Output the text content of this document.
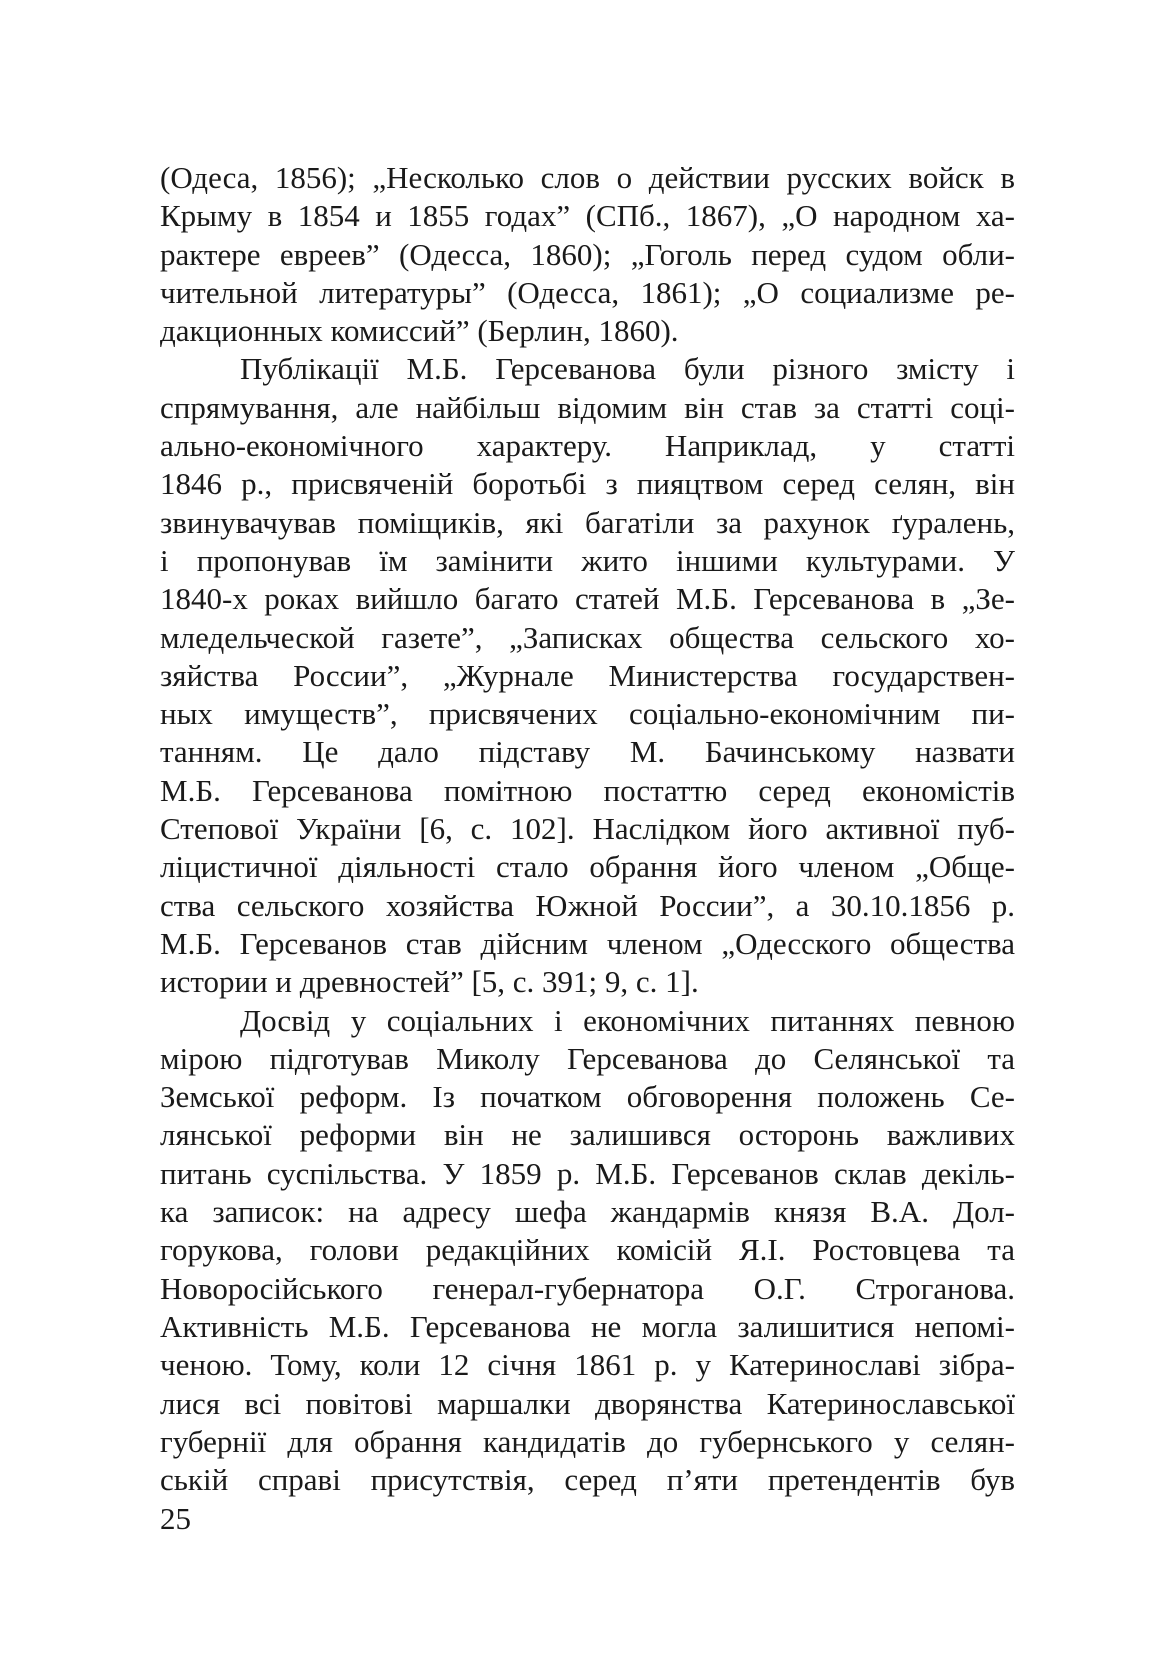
(Одеса, 1856); „Несколько слов о действии русских войск в
Крыму в 1854 и 1855 годах” (СПб., 1867), „О народном ха-
рактере евреев” (Одесса, 1860); „Гоголь перед судом обли-
чительной литературы” (Одесса, 1861); „О социализме ре-
дакционных комиссий” (Берлин, 1860).
Публікації М.Б. Герсеванова були різного змісту і
спрямування, але найбільш відомим він став за статті соці-
ально-економічного характеру. Наприклад, у статті
1846 р., присвяченій боротьбі з пияцтвом серед селян, він
звинувачував поміщиків, які багатіли за рахунок ґуралень,
і пропонував їм замінити жито іншими культурами. У
1840-х роках вийшло багато статей М.Б. Герсеванова в „Зе-
мледельческой газете”, „Записках общества сельского хо-
зяйства России”, „Журнале Министерства государствен-
ных имуществ”, присвячених соціально-економічним пи-
танням. Це дало підставу М. Бачинському назвати
М.Б. Герсеванова помітною постаттю серед економістів
Степової України [6, с. 102]. Наслідком його активної пуб-
ліцистичної діяльності стало обрання його членом „Обще-
ства сельского хозяйства Южной России”, а 30.10.1856 р.
М.Б. Герсеванов став дійсним членом „Одесского общества
истории и древностей” [5, с. 391; 9, с. 1].
Досвід у соціальних і економічних питаннях певною
мірою підготував Миколу Герсеванова до Селянської та
Земської реформ. Із початком обговорення положень Се-
лянської реформи він не залишився осторонь важливих
питань суспільства. У 1859 р. М.Б. Герсеванов склав декіль-
ка записок: на адресу шефа жандармів князя В.А. Дол-
горукова, голови редакційних комісій Я.І. Ростовцева та
Новоросійського генерал-губернатора О.Г. Строганова.
Активність М.Б. Герсеванова не могла залишитися непомі-
ченою. Тому, коли 12 січня 1861 р. у Катеринославі зібра-
лися всі повітові маршалки дворянства Катеринославської
губернії для обрання кандидатів до губернського у селян-
ській справі присутствія, серед п’яти претендентів був
25
